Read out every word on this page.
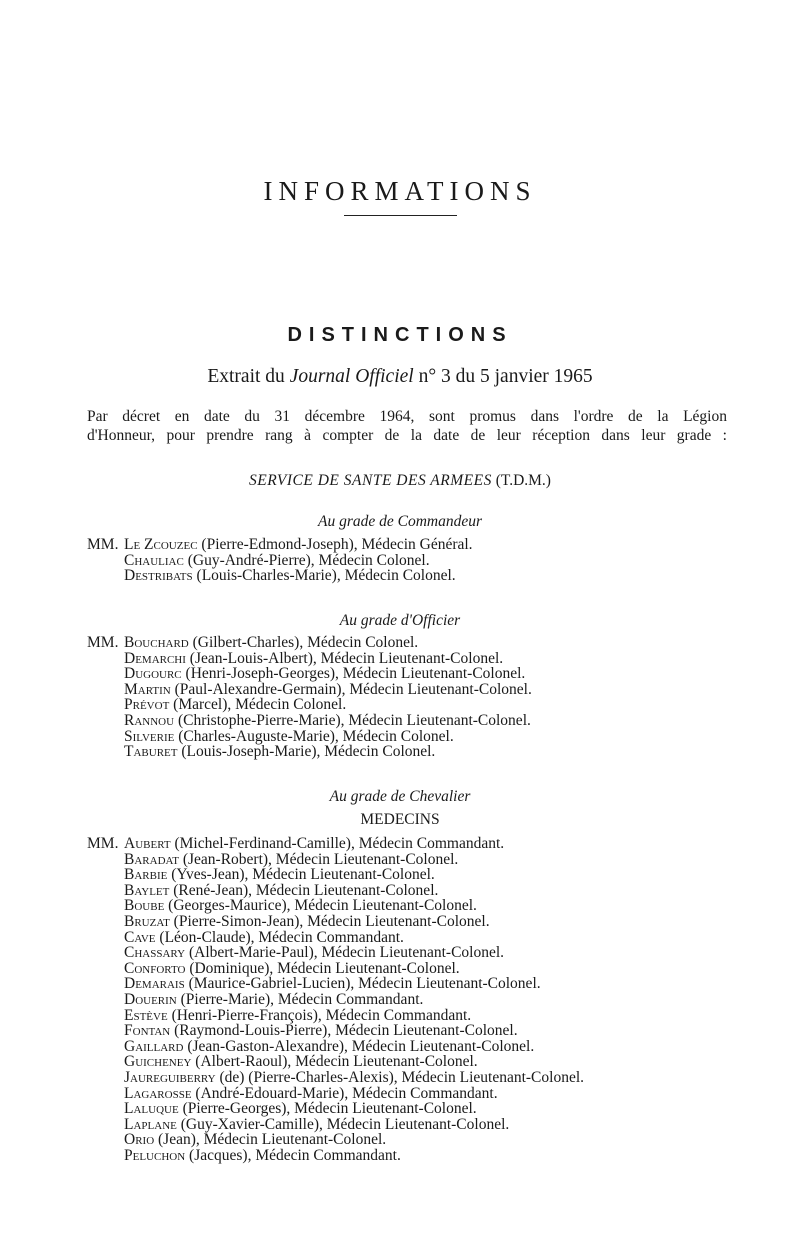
INFORMATIONS
DISTINCTIONS
Extrait du Journal Officiel n° 3 du 5 janvier 1965
Par décret en date du 31 décembre 1964, sont promus dans l'ordre de la Légion
d'Honneur, pour prendre rang à compter de la date de leur réception dans leur grade :
SERVICE DE SANTE DES ARMEES (T.D.M.)
Au grade de Commandeur
MM. Le Zcouzec (Pierre-Edmond-Joseph), Médecin Général.
Chauliac (Guy-André-Pierre), Médecin Colonel.
Destribats (Louis-Charles-Marie), Médecin Colonel.
Au grade d'Officier
MM. Bouchard (Gilbert-Charles), Médecin Colonel.
Demarchi (Jean-Louis-Albert), Médecin Lieutenant-Colonel.
Dugourc (Henri-Joseph-Georges), Médecin Lieutenant-Colonel.
Martin (Paul-Alexandre-Germain), Médecin Lieutenant-Colonel.
Prévot (Marcel), Médecin Colonel.
Rannou (Christophe-Pierre-Marie), Médecin Lieutenant-Colonel.
Silverie (Charles-Auguste-Marie), Médecin Colonel.
Taburet (Louis-Joseph-Marie), Médecin Colonel.
Au grade de Chevalier
MEDECINS
MM. Aubert (Michel-Ferdinand-Camille), Médecin Commandant.
Baradat (Jean-Robert), Médecin Lieutenant-Colonel.
Barbie (Yves-Jean), Médecin Lieutenant-Colonel.
Baylet (René-Jean), Médecin Lieutenant-Colonel.
Boube (Georges-Maurice), Médecin Lieutenant-Colonel.
Bruzat (Pierre-Simon-Jean), Médecin Lieutenant-Colonel.
Cave (Léon-Claude), Médecin Commandant.
Chassary (Albert-Marie-Paul), Médecin Lieutenant-Colonel.
Conforto (Dominique), Médecin Lieutenant-Colonel.
Demarais (Maurice-Gabriel-Lucien), Médecin Lieutenant-Colonel.
Douerin (Pierre-Marie), Médecin Commandant.
Estève (Henri-Pierre-François), Médecin Commandant.
Fontan (Raymond-Louis-Pierre), Médecin Lieutenant-Colonel.
Gaillard (Jean-Gaston-Alexandre), Médecin Lieutenant-Colonel.
Guicheney (Albert-Raoul), Médecin Lieutenant-Colonel.
Jaureguiberry (de) (Pierre-Charles-Alexis), Médecin Lieutenant-Colonel.
Lagarosse (André-Edouard-Marie), Médecin Commandant.
Laluque (Pierre-Georges), Médecin Lieutenant-Colonel.
Laplane (Guy-Xavier-Camille), Médecin Lieutenant-Colonel.
Orio (Jean), Médecin Lieutenant-Colonel.
Peluchon (Jacques), Médecin Commandant.
